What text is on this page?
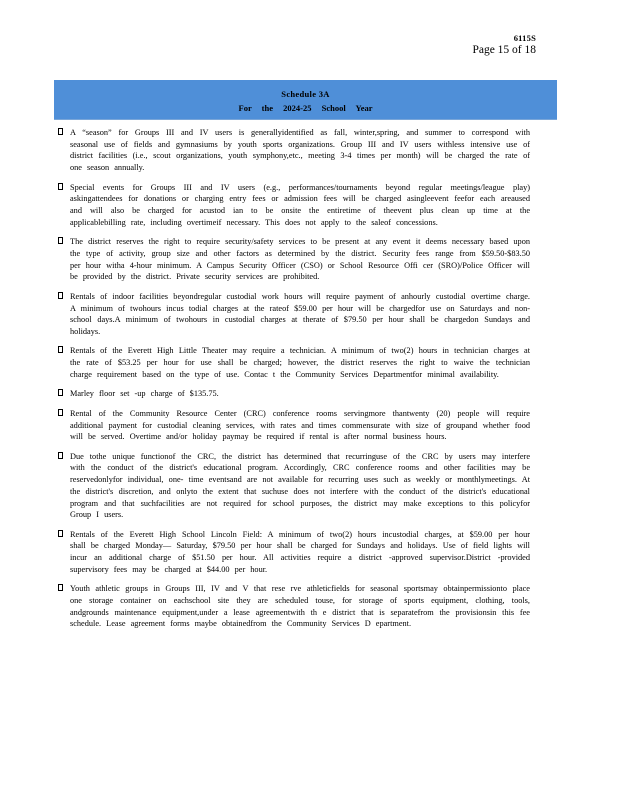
6115S
Page 15 of 18
Schedule 3A
For the 2024-25 School Year
A “season” for Groups III and IV users is generallyidentified as fall, winter,spring, and summer to correspond with seasonal use of fields and gymnasiums by youth sports organizations. Group III and IV users withless intensive use of district facilities (i.e., scout organizations, youth symphony,etc., meeting 3-4 times per month) will be charged the rate of one season annually.
Special events for Groups III and IV users (e.g., performances/tournaments beyond regular meetings/league play) askingattendees for donations or charging entry fees or admission fees will be charged asingleevent feefor each areaused and will also be charged for acustod ian to be onsite the entiretime of theevent plus clean up time at the applicablebilling rate, including overtimeif necessary. This does not apply to the saleof concessions.
The district reserves the right to require security/safety services to be present at any event it deems necessary based upon the type of activity, group size and other factors as determined by the district. Security fees range from $59.50-$83.50 per hour witha 4-hour minimum. A Campus Security Officer (CSO) or School Resource Offi cer (SRO)/Police Officer will be provided by the district. Private security services are prohibited.
Rentals of indoor facilities beyondregular custodial work hours will require payment of anhourly custodial overtime charge. A minimum of twohours incus todial charges at the rateof $59.00 per hour will be chargedfor use on Saturdays and non- school days.A minimum of twohours in custodial charges at therate of $79.50 per hour shall be chargedon Sundays and holidays.
Rentals of the Everett High Little Theater may require a technician. A minimum of two(2) hours in technician charges at the rate of $53.25 per hour for use shall be charged; however, the district reserves the right to waive the technician charge requirement based on the type of use. Contac t the Community Services Departmentfor minimal availability.
Marley floor set -up charge of $135.75.
Rental of the Community Resource Center (CRC) conference rooms servingmore thantwenty (20) people will require additional payment for custodial cleaning services, with rates and times commensurate with size of groupand whether food will be served. Overtime and/or holiday paymay be required if rental is after normal business hours.
Due tothe unique functionof the CRC, the district has determined that recurringuse of the CRC by users may interfere with the conduct of the district's educational program. Accordingly, CRC conference rooms and other facilities may be reservedonlyfor individual, one- time eventsand are not available for recurring uses such as weekly or monthlymeetings. At the district's discretion, and onlyto the extent that suchuse does not interfere with the conduct of the district's educational program and that suchfacilities are not required for school purposes, the district may make exceptions to this policyfor Group I users.
Rentals of the Everett High School Lincoln Field: A minimum of two(2) hours incustodial charges, at $59.00 per hour shall be charged Monday— Saturday, $79.50 per hour shall be charged for Sundays and holidays. Use of field lights will incur an additional charge of $51.50 per hour. All activities require a district -approved supervisor.District -provided supervisory fees may be charged at $44.00 per hour.
Youth athletic groups in Groups III, IV and V that rese rve athleticfields for seasonal sportsmay obtainpermissionto place one storage container on eachschool site they are scheduled touse, for storage of sports equipment, clothing, tools, andgrounds maintenance equipment,under a lease agreementwith th e district that is separatefrom the provisionsin this fee schedule. Lease agreement forms maybe obtainedfrom the Community Services D epartment.
